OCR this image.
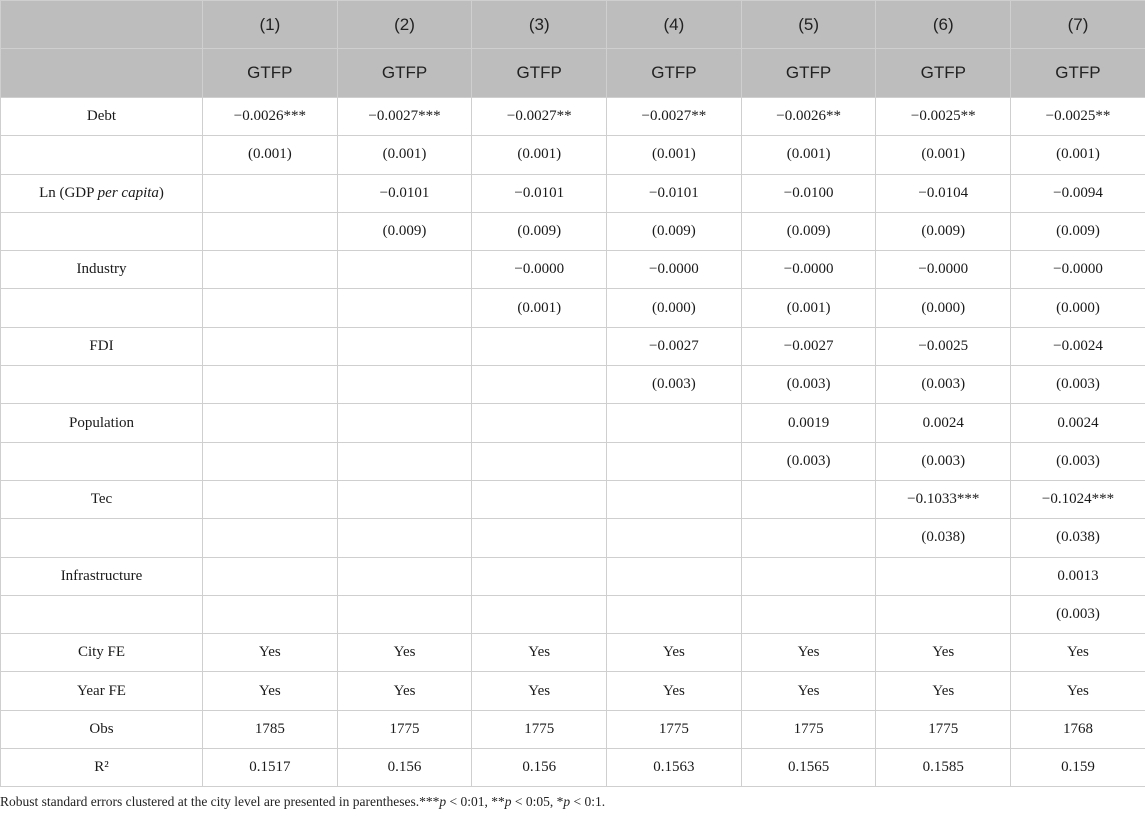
	(1)	(2)	(3)	(4)	(5)	(6)	(7)
	GTFP	GTFP	GTFP	GTFP	GTFP	GTFP	GTFP
Debt	−0.0026***	−0.0027***	−0.0027**	−0.0027**	−0.0026**	−0.0025**	−0.0025**
	(0.001)	(0.001)	(0.001)	(0.001)	(0.001)	(0.001)	(0.001)
Ln (GDP per capita)		−0.0101	−0.0101	−0.0101	−0.0100	−0.0104	−0.0094
		(0.009)	(0.009)	(0.009)	(0.009)	(0.009)	(0.009)
Industry			−0.0000	−0.0000	−0.0000	−0.0000	−0.0000
			(0.001)	(0.000)	(0.001)	(0.000)	(0.000)
FDI				−0.0027	−0.0027	−0.0025	−0.0024
				(0.003)	(0.003)	(0.003)	(0.003)
Population					0.0019	0.0024	0.0024
					(0.003)	(0.003)	(0.003)
Tec						−0.1033***	−0.1024***
						(0.038)	(0.038)
Infrastructure							0.0013
							(0.003)
City FE	Yes	Yes	Yes	Yes	Yes	Yes	Yes
Year FE	Yes	Yes	Yes	Yes	Yes	Yes	Yes
Obs	1785	1775	1775	1775	1775	1775	1768
R²	0.1517	0.156	0.156	0.1563	0.1565	0.1585	0.159
Robust standard errors clustered at the city level are presented in parentheses.***p < 0:01, **p < 0:05, *p < 0:1.
